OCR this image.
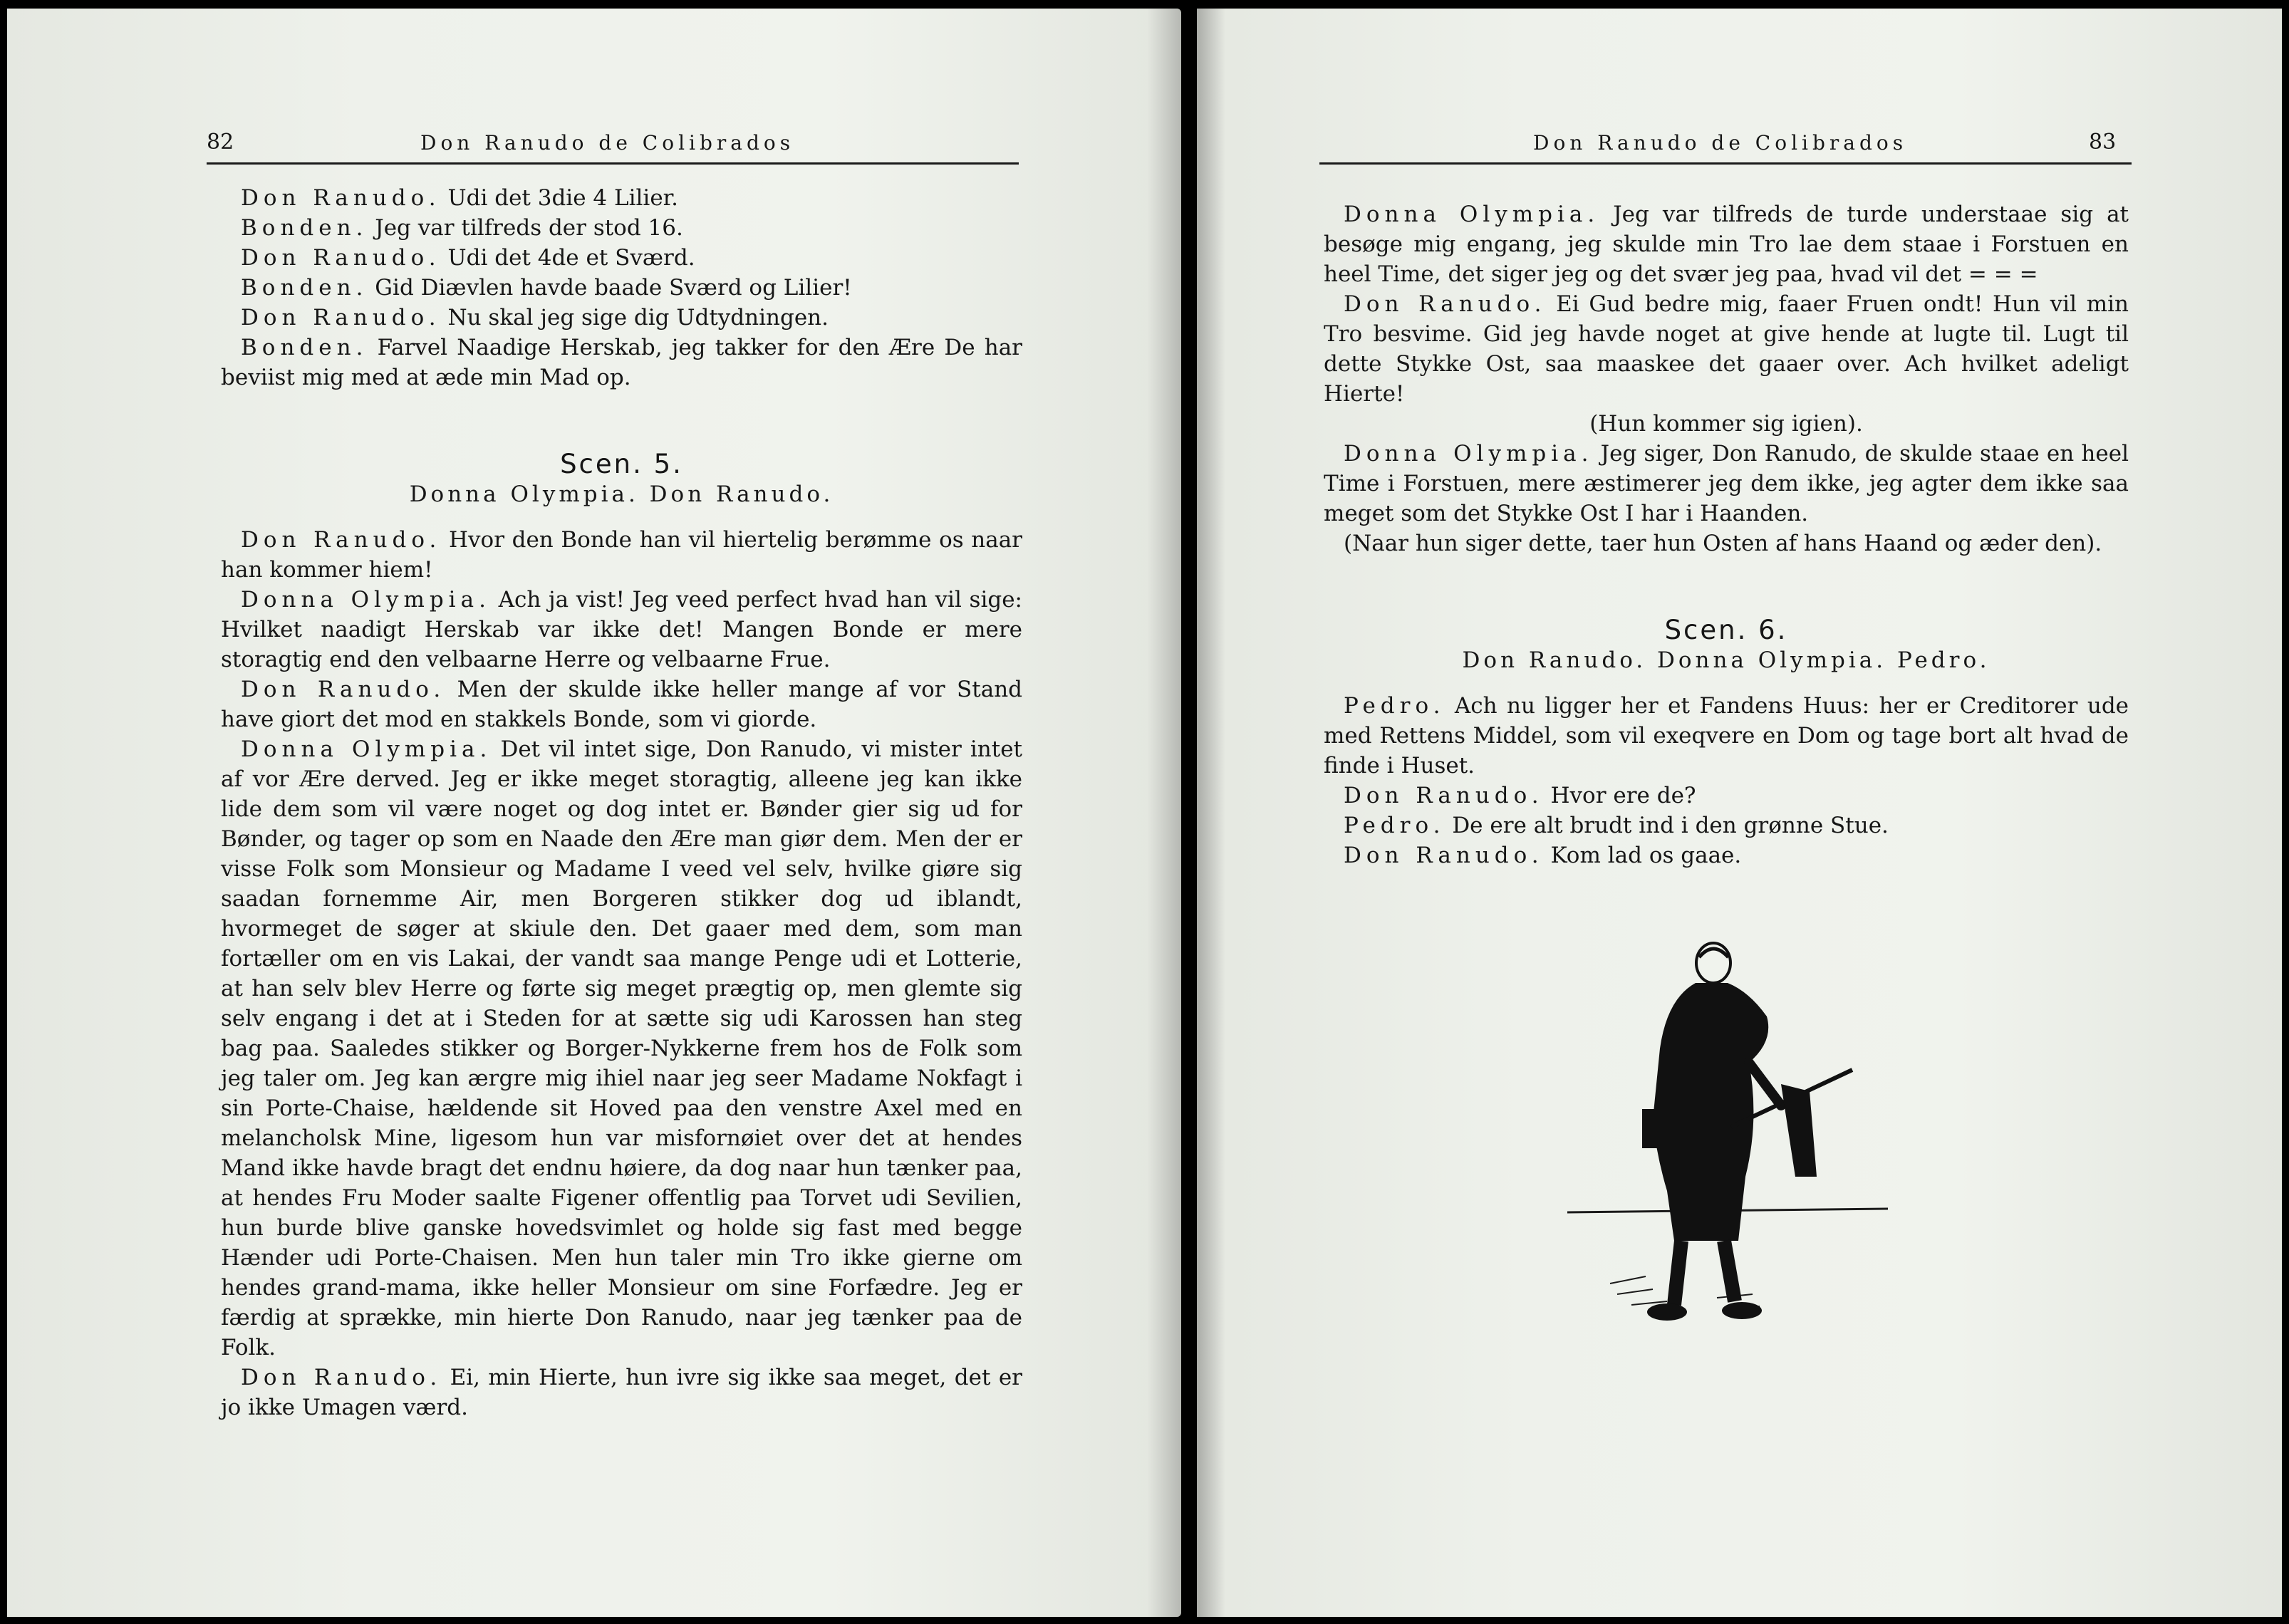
82	Don Ranudo de Colibrados

Don Ranudo. Udi det 3die 4 Lilier.

Bonden. Jeg var tilfreds der stod 16.

Don Ranudo. Udi det 4de et Sværd.

Bonden. Gid Diævlen havde baade Sværd og Lilier!

Don Ranudo. Nu skal jeg sige dig Udtydningen.

Bonden. Farvel Naadige Herskab, jeg takker for den Ære De har beviist mig med at æde min Mad op.

Scen. 5.

Donna Olympia. Don Ranudo.

Don Ranudo. Hvor den Bonde han vil hiertelig berømme os naar han kommer hiem!

Donna Olympia. Ach ja vist! Jeg veed perfect hvad han vil sige: Hvilket naadigt Herskab var ikke det! Mangen Bonde er mere storagtig end den velbaarne Herre og velbaarne Frue.

Don Ranudo. Men der skulde ikke heller mange af vor Stand have giort det mod en stakkels Bonde, som vi giorde.

Donna Olympia. Det vil intet sige, Don Ranudo, vi mister intet af vor Ære derved. Jeg er ikke meget storagtig, alleene jeg kan ikke lide dem som vil være noget og dog intet er. Bønder gier sig ud for Bønder, og tager op som en Naade den Ære man giør dem. Men der er visse Folk som Monsieur og Madame I veed vel selv, hvilke giøre sig saadan fornemme Air, men Borgeren stikker dog ud iblandt, hvormeget de søger at skiule den. Det gaaer med dem, som man fortæller om en vis Lakai, der vandt saa mange Penge udi et Lotterie, at han selv blev Herre og førte sig meget prægtig op, men glemte sig selv engang i det at i Steden for at sætte sig udi Karossen han steg bag paa. Saaledes stikker og Borger-Nykkerne frem hos de Folk som jeg taler om. Jeg kan ærgre mig ihiel naar jeg seer Madame Nokfagt i sin Porte-Chaise, hældende sit Hoved paa den venstre Axel med en melancholsk Mine, ligesom hun var misfornøiet over det at hendes Mand ikke havde bragt det endnu høiere, da dog naar hun tænker paa, at hendes Fru Moder saalte Figener offentlig paa Torvet udi Sevilien, hun burde blive ganske hovedsvimlet og holde sig fast med begge Hænder udi Porte-Chaisen. Men hun taler min Tro ikke gierne om hendes grand-mama, ikke heller Monsieur om sine Forfædre. Jeg er færdig at sprække, min hierte Don Ranudo, naar jeg tænker paa de Folk.

Don Ranudo. Ei, min Hierte, hun ivre sig ikke saa meget, det er jo ikke Umagen værd.

Don Ranudo de Colibrados	83

Donna Olympia. Jeg var tilfreds de turde understaae sig at besøge mig engang, jeg skulde min Tro lae dem staae i Forstuen en heel Time, det siger jeg og det svær jeg paa, hvad vil det = = =

Don Ranudo. Ei Gud bedre mig, faaer Fruen ondt! Hun vil min Tro besvime. Gid jeg havde noget at give hende at lugte til. Lugt til dette Stykke Ost, saa maaskee det gaaer over. Ach hvilket adeligt Hierte!

(Hun kommer sig igien).

Donna Olympia. Jeg siger, Don Ranudo, de skulde staae en heel Time i Forstuen, mere æstimerer jeg dem ikke, jeg agter dem ikke saa meget som det Stykke Ost I har i Haanden.

(Naar hun siger dette, taer hun Osten af hans Haand og æder den).

Scen. 6.

Don Ranudo. Donna Olympia. Pedro.

Pedro. Ach nu ligger her et Fandens Huus: her er Creditorer ude med Rettens Middel, som vil exeqvere en Dom og tage bort alt hvad de finde i Huset.

Don Ranudo. Hvor ere de?

Pedro. De ere alt brudt ind i den grønne Stue.

Don Ranudo. Kom lad os gaae.
